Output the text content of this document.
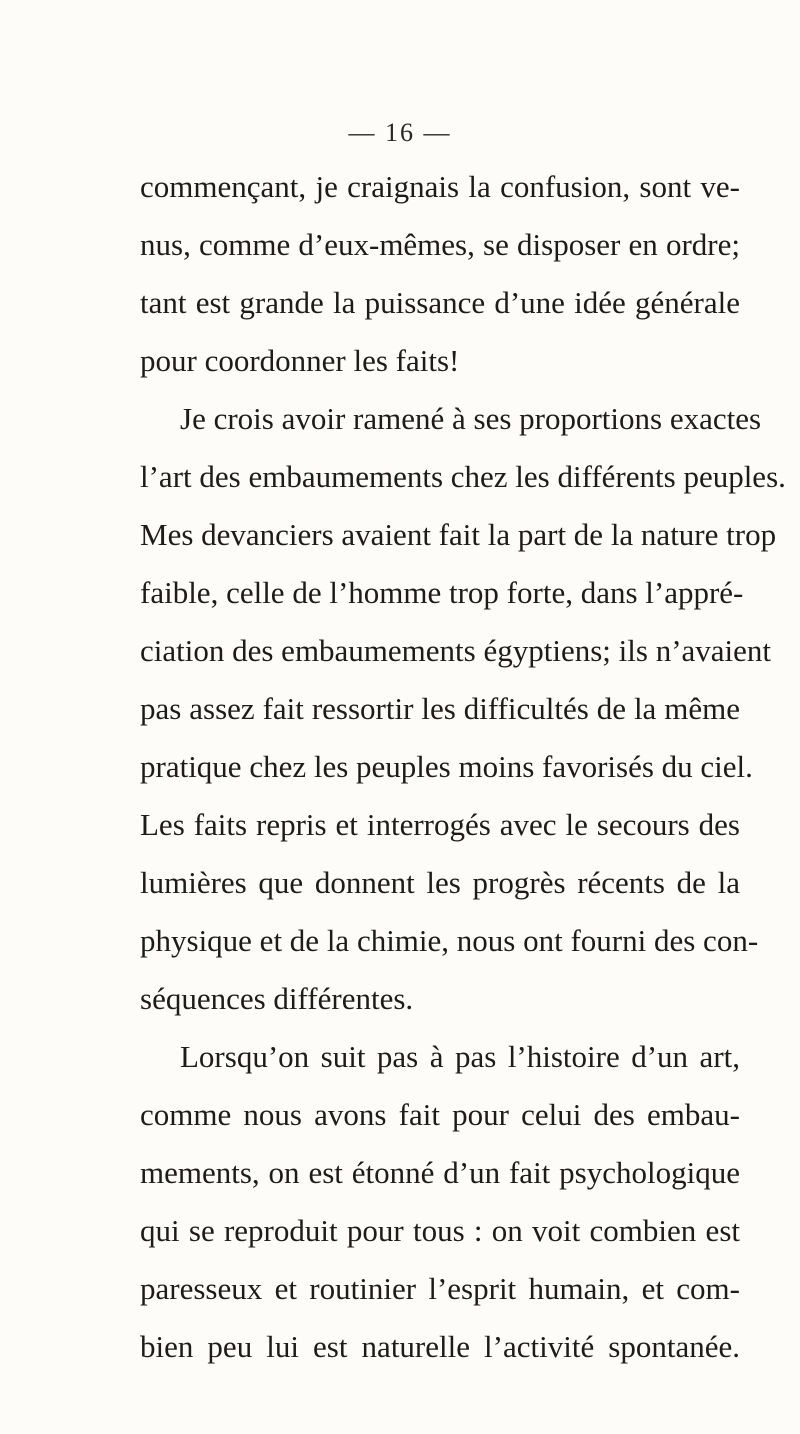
— 16 —
commençant, je craignais la confusion, sont ve-
nus, comme d’eux-mêmes, se disposer en ordre;
tant est grande la puissance d’une idée générale
pour coordonner les faits!
Je crois avoir ramené à ses proportions exactes
l’art des embaumements chez les différents peuples.
Mes devanciers avaient fait la part de la nature trop
faible, celle de l’homme trop forte, dans l’appré-
ciation des embaumements égyptiens; ils n’avaient
pas assez fait ressortir les difficultés de la même
pratique chez les peuples moins favorisés du ciel.
Les faits repris et interrogés avec le secours des
lumières que donnent les progrès récents de la
physique et de la chimie, nous ont fourni des con-
séquences différentes.
Lorsqu’on suit pas à pas l’histoire d’un art,
comme nous avons fait pour celui des embau-
mements, on est étonné d’un fait psychologique
qui se reproduit pour tous : on voit combien est
paresseux et routinier l’esprit humain, et com-
bien peu lui est naturelle l’activité spontanée.
